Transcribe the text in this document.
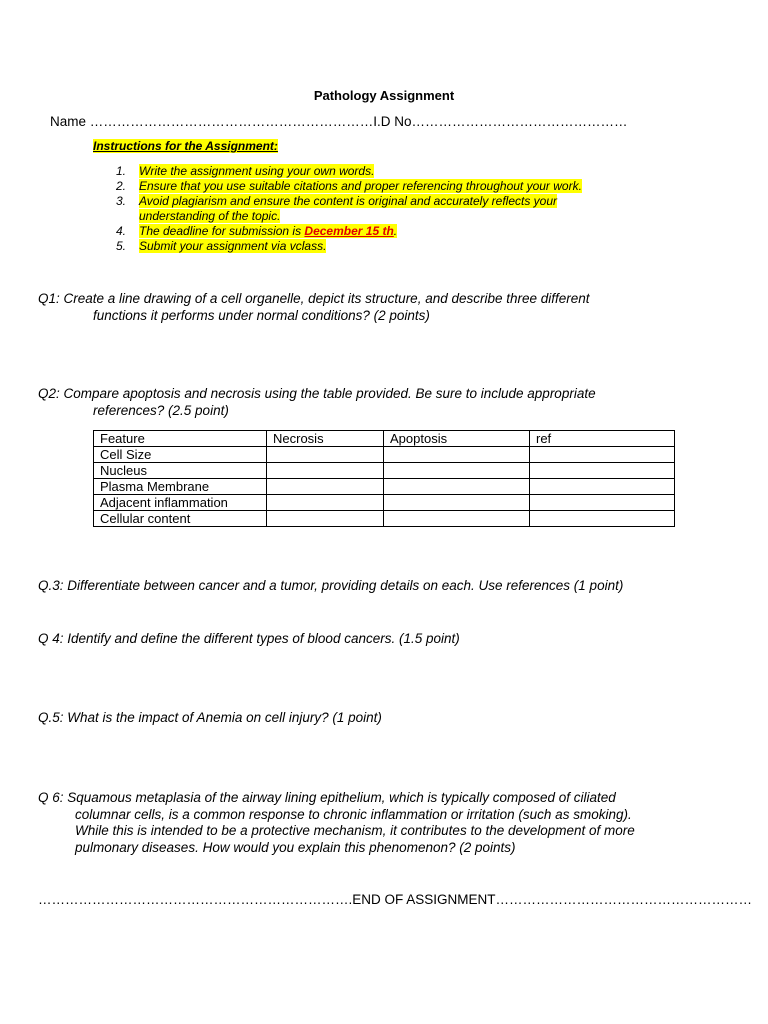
Pathology Assignment
Name ………………………………………………………I.D No…………………………………………
Instructions for the Assignment:
1. Write the assignment using your own words.
2. Ensure that you use suitable citations and proper referencing throughout your work.
3. Avoid plagiarism and ensure the content is original and accurately reflects your understanding of the topic.
4. The deadline for submission is December 15 th.
5. Submit your assignment via vclass.
Q1: Create a line drawing of a cell organelle, depict its structure, and describe three different
functions it performs under normal conditions? (2 points)
Q2: Compare apoptosis and necrosis using the table provided. Be sure to include appropriate
references? (2.5 point)
Feature	Necrosis	Apoptosis	ref
Cell Size			
Nucleus			
Plasma Membrane			
Adjacent inflammation			
Cellular content			
Q.3: Differentiate between cancer and a tumor, providing details on each. Use references (1 point)
Q 4: Identify and define the different types of blood cancers. (1.5 point)
Q.5: What is the impact of Anemia on cell injury? (1 point)
Q 6: Squamous metaplasia of the airway lining epithelium, which is typically composed of ciliated
columnar cells, is a common response to chronic inflammation or irritation (such as smoking).
While this is intended to be a protective mechanism, it contributes to the development of more
pulmonary diseases. How would you explain this phenomenon? (2 points)
…………………………………………………………….END OF ASSIGNMENT…………………………………………………
